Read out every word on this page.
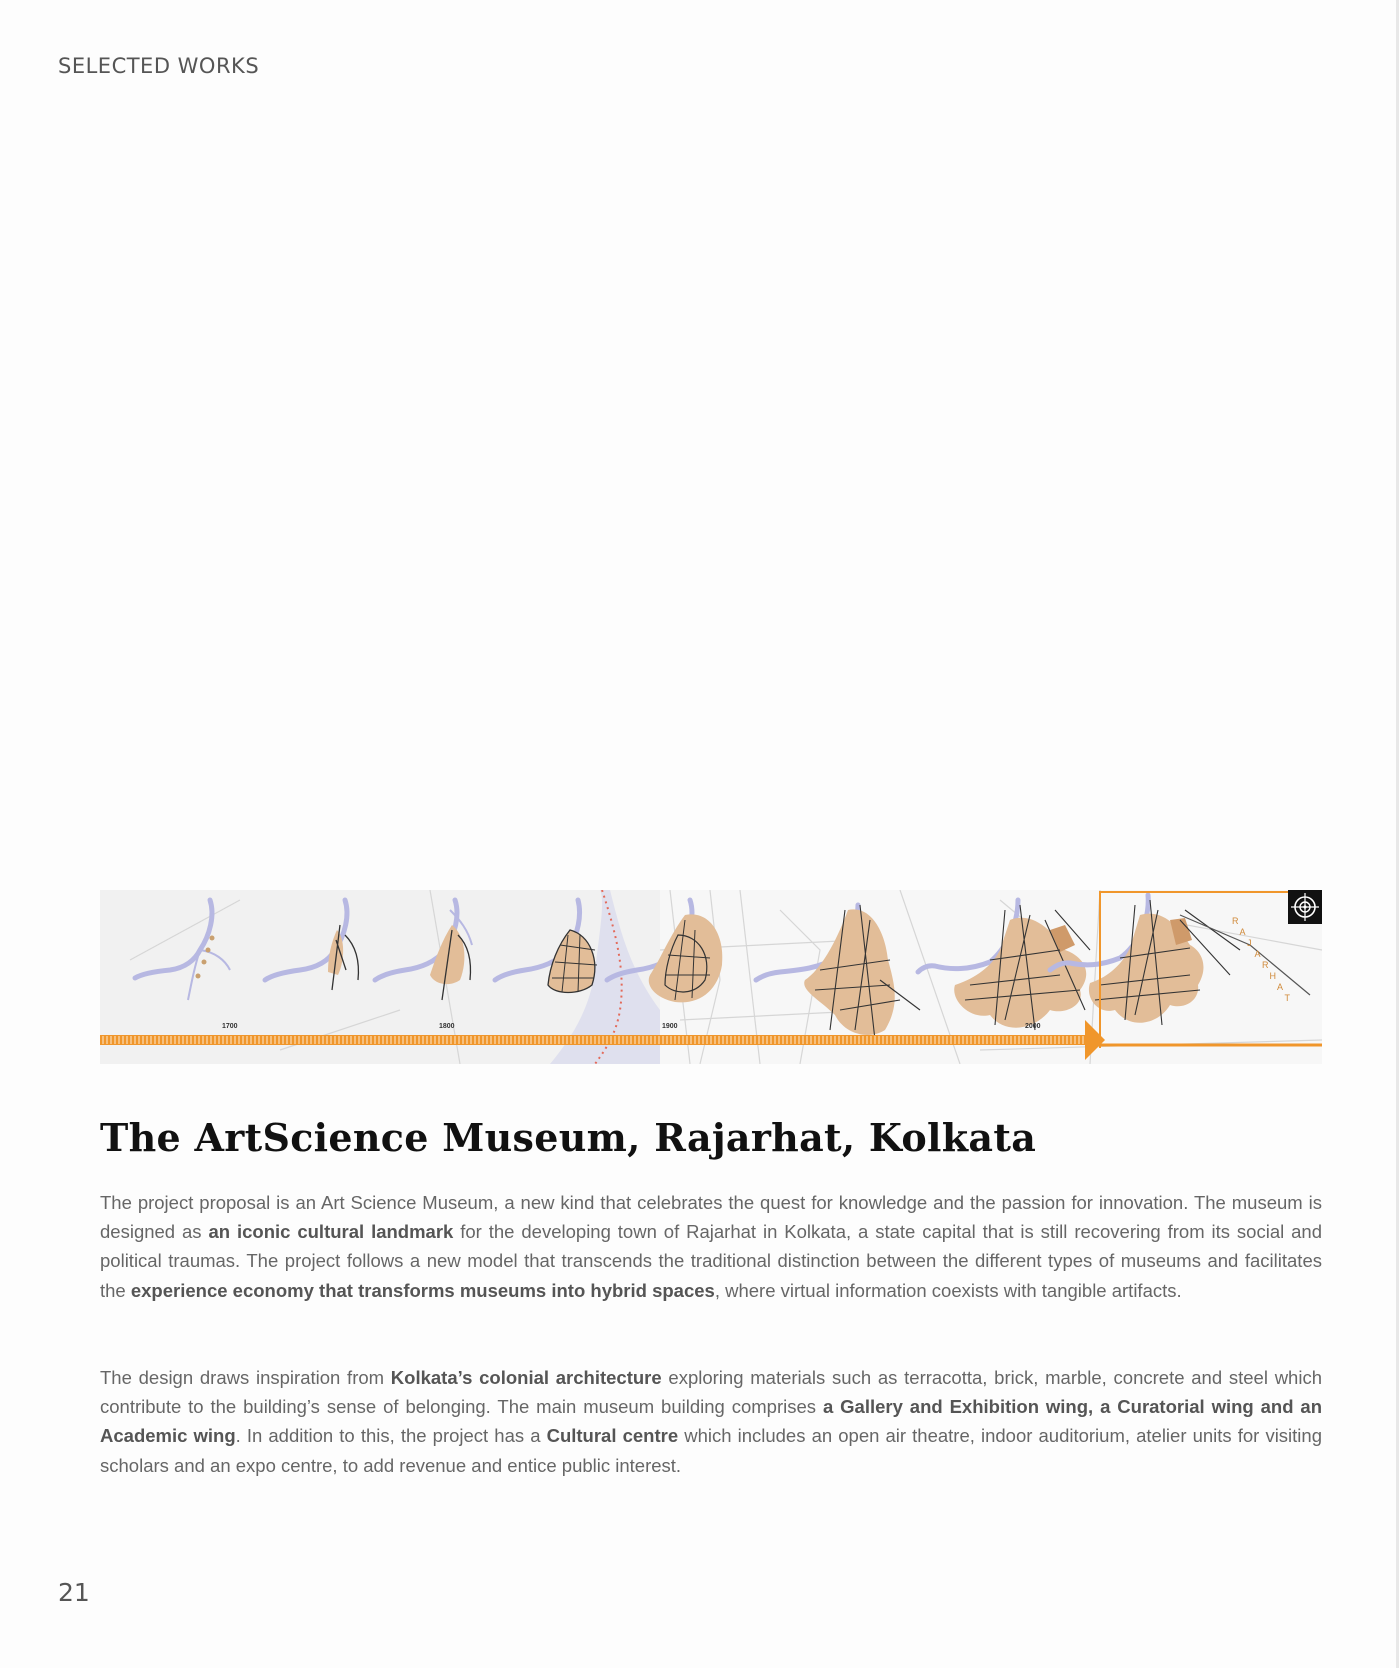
SELECTED WORKS
1700	1800	1900	2000
R
A
J
A
R
H
A
T
The ArtScience Museum, Rajarhat, Kolkata

The project proposal is an Art Science Museum, a new kind that celebrates the quest for knowledge and the passion for innovation. The museum is designed as an iconic cultural landmark for the developing town of Rajarhat in Kolkata, a state capital that is still recovering from its social and political traumas. The project follows a new model that transcends the traditional distinction between the different types of museums and facilitates the experience economy that transforms museums into hybrid spaces, where virtual information coexists with tangible artifacts.

The design draws inspiration from Kolkata’s colonial architecture exploring materials such as terracotta, brick, marble, concrete and steel which contribute to the building’s sense of belonging. The main museum building comprises a Gallery and Exhibition wing, a Curatorial wing and an Academic wing. In addition to this, the project has a Cultural centre which includes an open air theatre, indoor auditorium, atelier units for visiting scholars and an expo centre, to add revenue and entice public interest.

21
